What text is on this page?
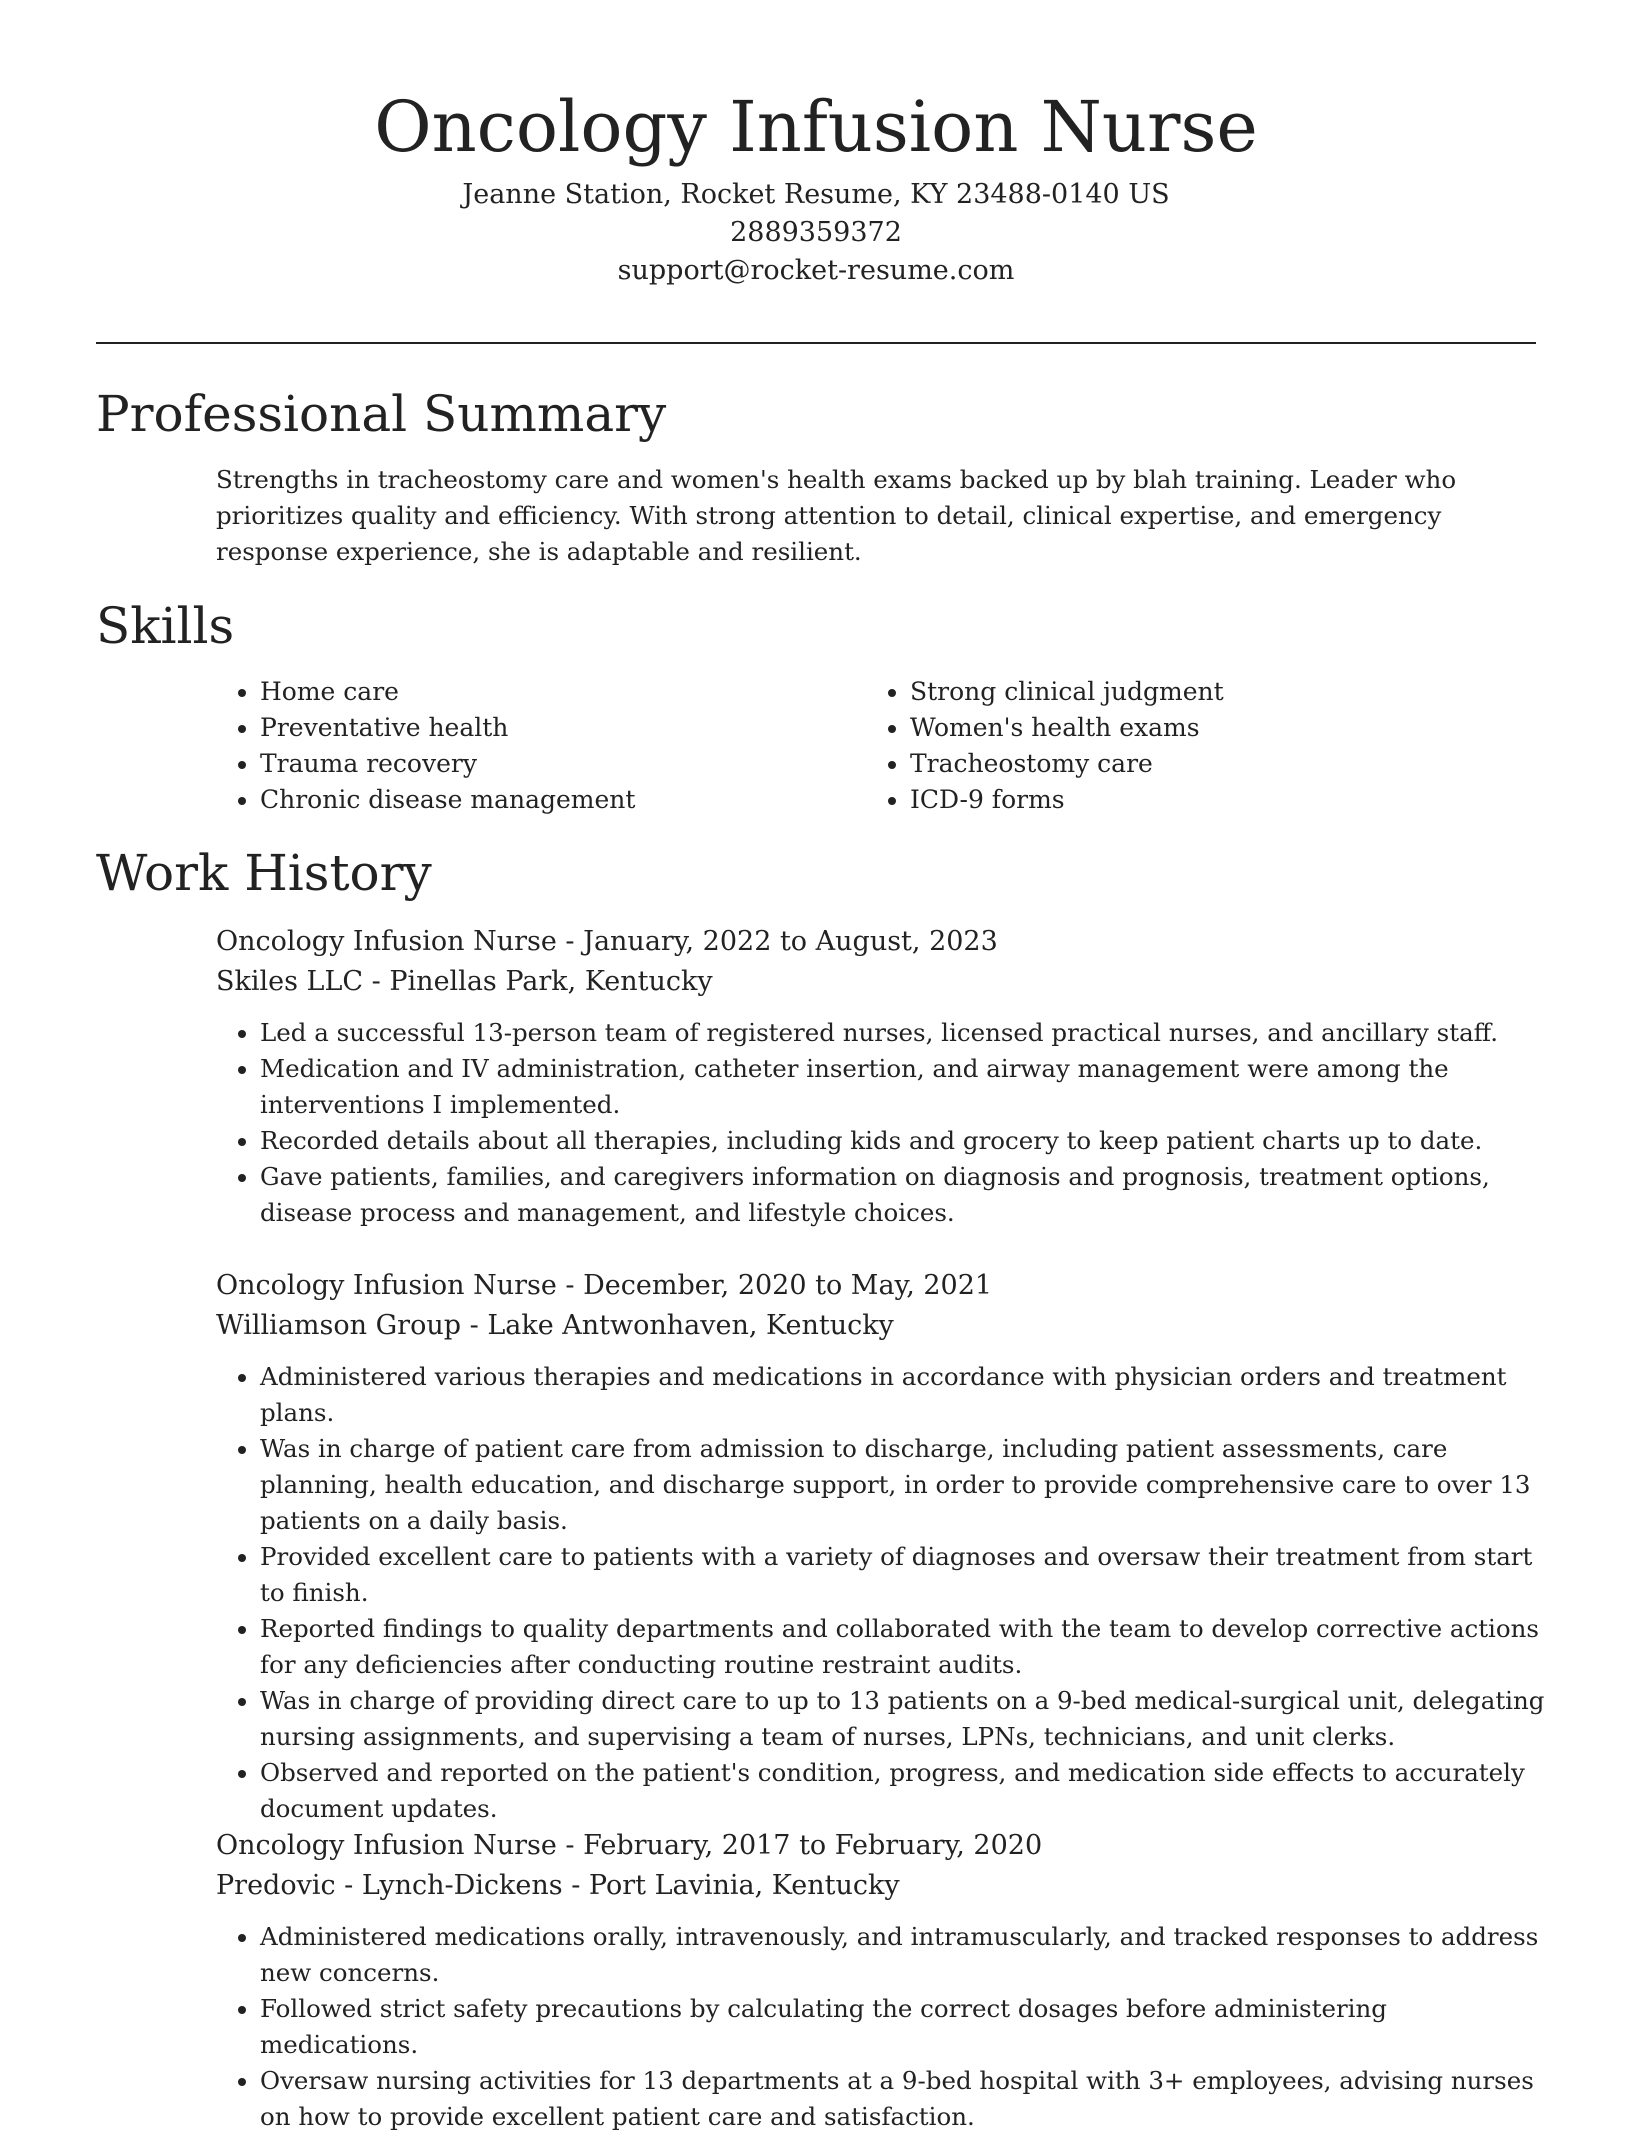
Oncology Infusion Nurse
Jeanne Station, Rocket Resume, KY 23488-0140 US
2889359372
support@rocket-resume.com
Professional Summary

Strengths in tracheostomy care and women's health exams backed up by blah training. Leader who prioritizes quality and efficiency. With strong attention to detail, clinical expertise, and emergency response experience, she is adaptable and resilient.

Skills
• Home care
• Preventative health
• Trauma recovery
• Chronic disease management
• Strong clinical judgment
• Women's health exams
• Tracheostomy care
• ICD-9 forms
Work History

Oncology Infusion Nurse - January, 2022 to August, 2023

Skiles LLC - Pinellas Park, Kentucky

• Led a successful 13-person team of registered nurses, licensed practical nurses, and ancillary staff.
• Medication and IV administration, catheter insertion, and airway management were among the interventions I implemented.
• Recorded details about all therapies, including kids and grocery to keep patient charts up to date.
• Gave patients, families, and caregivers information on diagnosis and prognosis, treatment options, disease process and management, and lifestyle choices.

Oncology Infusion Nurse - December, 2020 to May, 2021

Williamson Group - Lake Antwonhaven, Kentucky

• Administered various therapies and medications in accordance with physician orders and treatment plans.
• Was in charge of patient care from admission to discharge, including patient assessments, care planning, health education, and discharge support, in order to provide comprehensive care to over 13 patients on a daily basis.
• Provided excellent care to patients with a variety of diagnoses and oversaw their treatment from start to finish.
• Reported findings to quality departments and collaborated with the team to develop corrective actions for any deficiencies after conducting routine restraint audits.
• Was in charge of providing direct care to up to 13 patients on a 9-bed medical-surgical unit, delegating nursing assignments, and supervising a team of nurses, LPNs, technicians, and unit clerks.
• Observed and reported on the patient's condition, progress, and medication side effects to accurately document updates.

Oncology Infusion Nurse - February, 2017 to February, 2020

Predovic - Lynch-Dickens - Port Lavinia, Kentucky

• Administered medications orally, intravenously, and intramuscularly, and tracked responses to address new concerns.
• Followed strict safety precautions by calculating the correct dosages before administering medications.
• Oversaw nursing activities for 13 departments at a 9-bed hospital with 3+ employees, advising nurses on how to provide excellent patient care and satisfaction.
